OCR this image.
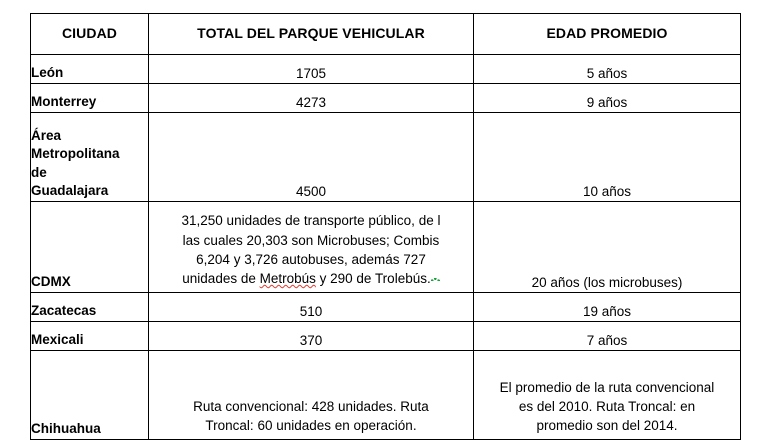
CIUDAD	TOTAL DEL PARQUE VEHICULAR	EDAD PROMEDIO

León	1705	5 años

Monterrey	4273	9 años

Área
Metropolitana
de
Guadalajara	4500	10 años

CDMX	31,250 unidades de transporte público, de l
las cuales 20,303 son Microbuses; Combis
6,204 y 3,726 autobuses, además 727
unidades de Metrobús y 290 de Trolebús.	20 años (los microbuses)

Zacatecas	510	19 años

Mexicali	370	7 años

Chihuahua	Ruta convencional: 428 unidades. Ruta
Troncal: 60 unidades en operación.	El promedio de la ruta convencional
es del 2010. Ruta Troncal: en
promedio son del 2014.
